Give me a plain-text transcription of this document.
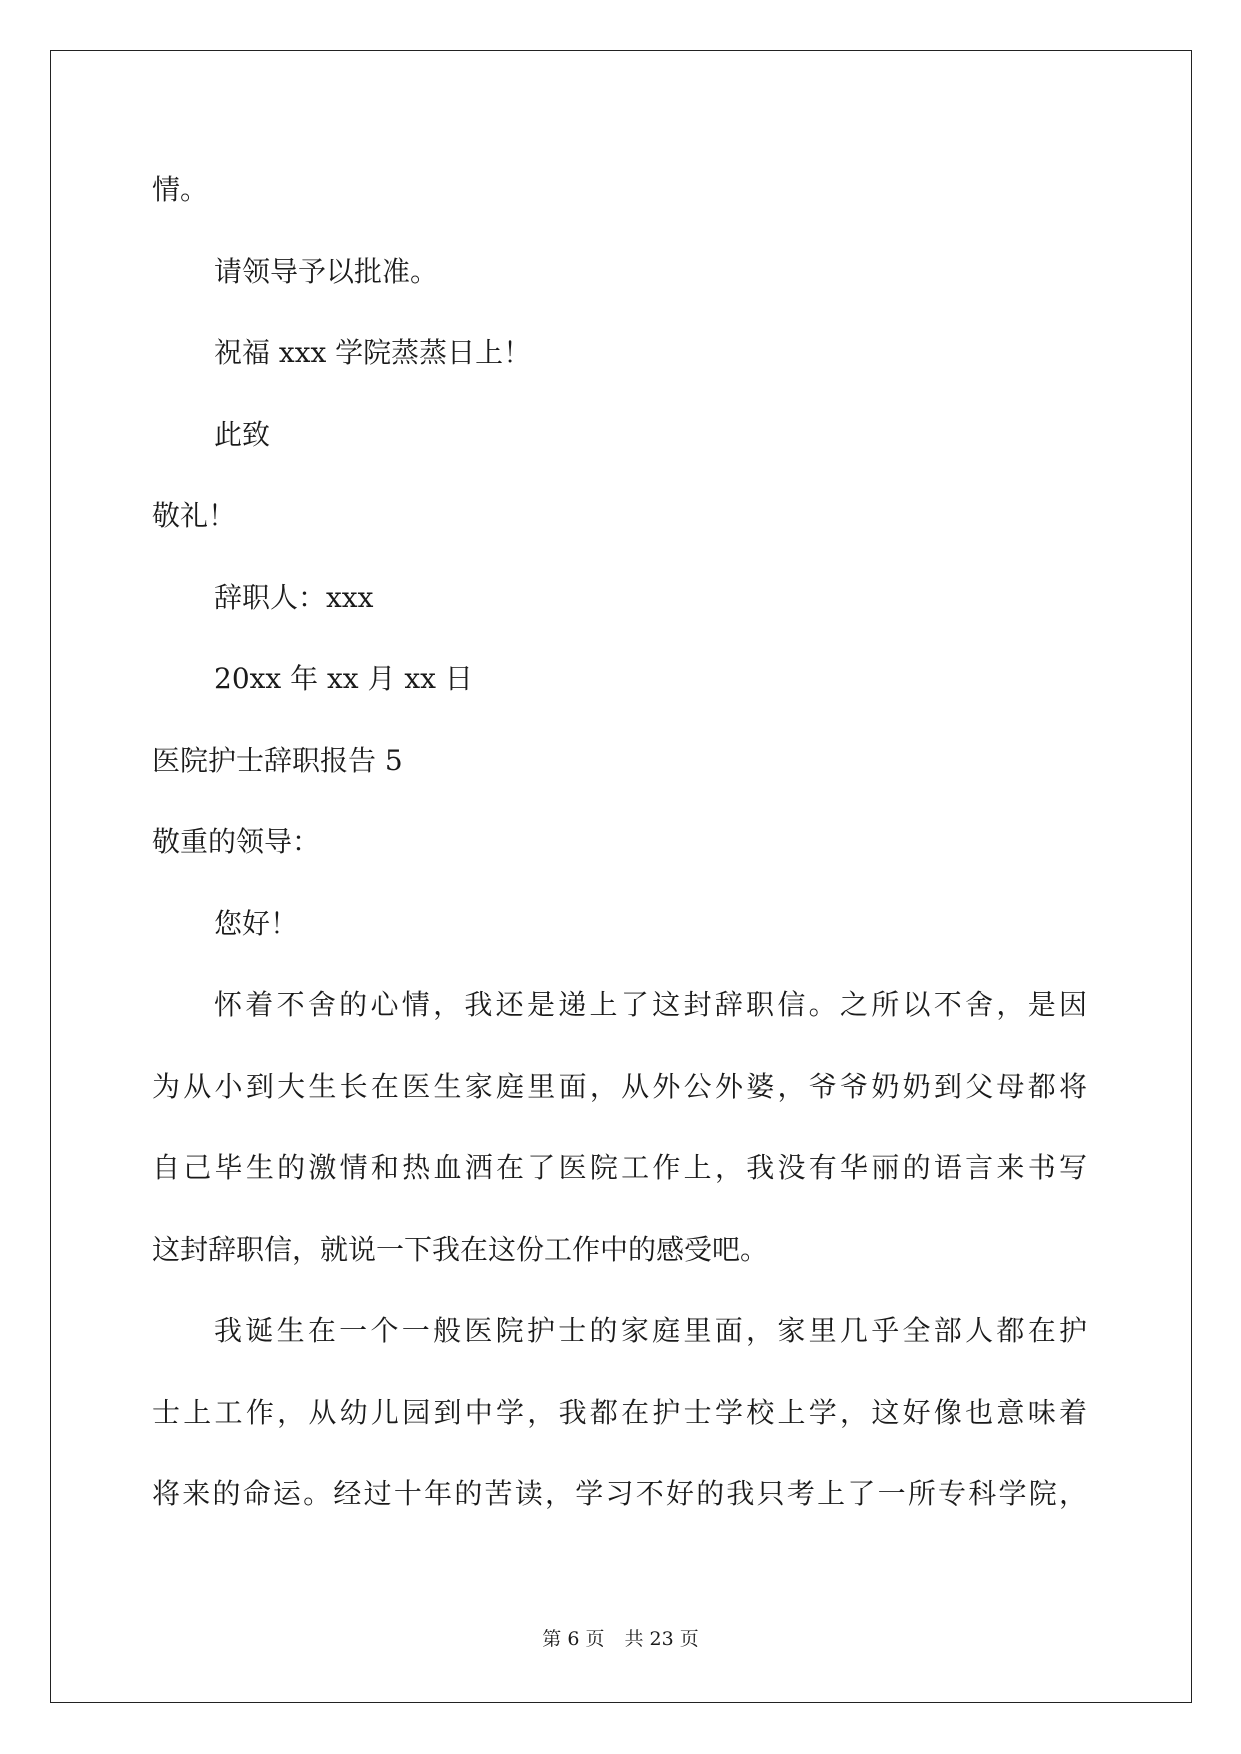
情。
请领导予以批准。
祝福 xxx 学院蒸蒸日上！
此致
敬礼！
辞职人：xxx
20xx 年 xx 月 xx 日
医院护士辞职报告 5
敬重的领导：
您好！
怀着不舍的心情，我还是递上了这封辞职信。之所以不舍，是因
为从小到大生长在医生家庭里面，从外公外婆，爷爷奶奶到父母都将
自己毕生的激情和热血洒在了医院工作上，我没有华丽的语言来书写
这封辞职信，就说一下我在这份工作中的感受吧。
我诞生在一个一般医院护士的家庭里面，家里几乎全部人都在护
士上工作，从幼儿园到中学，我都在护士学校上学，这好像也意味着
将来的命运。经过十年的苦读，学习不好的我只考上了一所专科学院，
第 6 页 共 23 页
